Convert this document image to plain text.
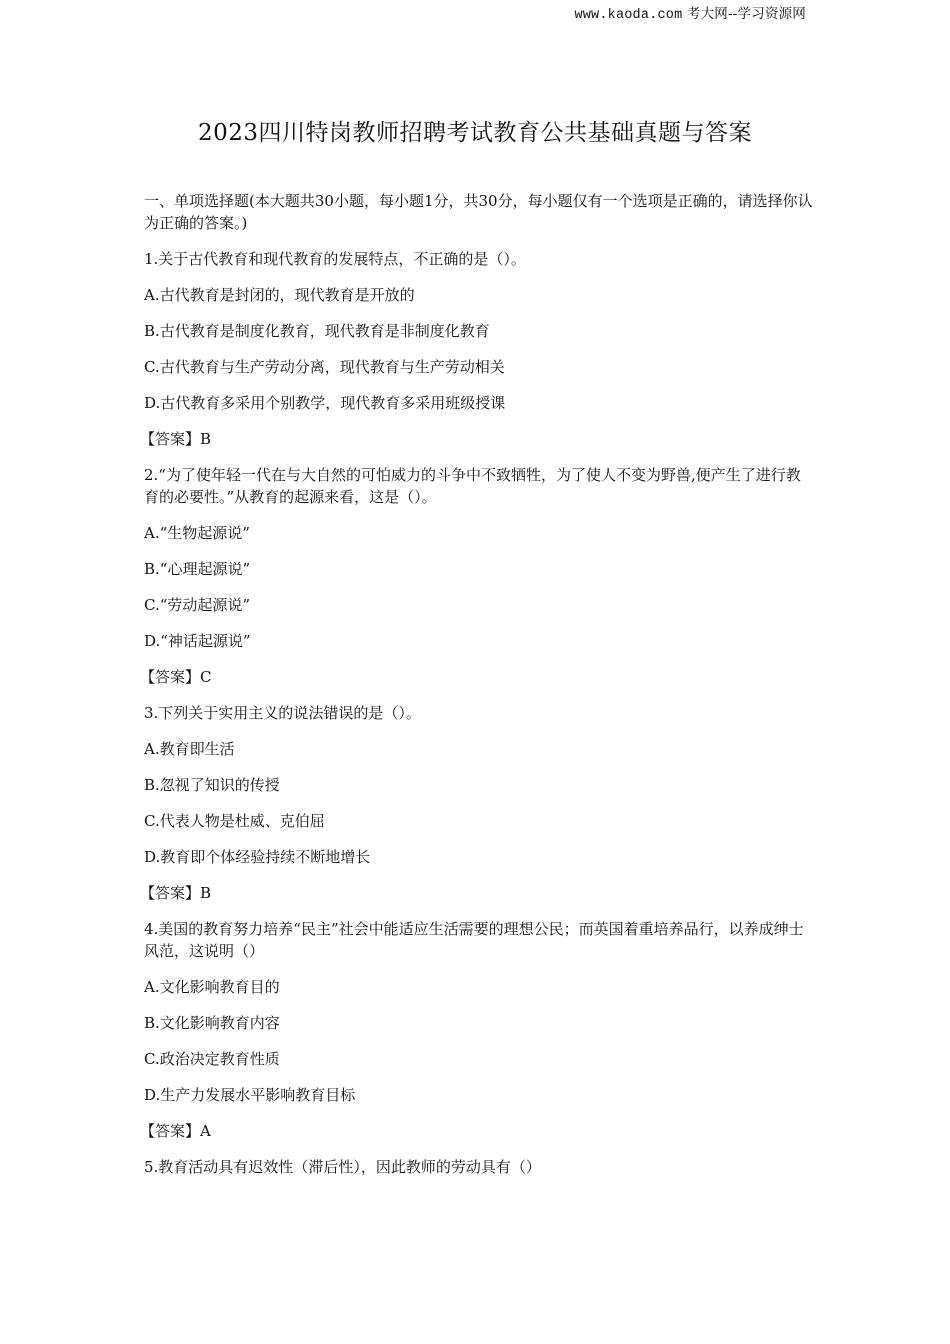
www.kaoda.com 考大网--学习资源网
2023四川特岗教师招聘考试教育公共基础真题与答案
一、单项选择题(本大题共30小题，每小题1分，共30分，每小题仅有一个选项是正确的，请选择你认为正确的答案。)
1.关于古代教育和现代教育的发展特点，不正确的是（）。
A.古代教育是封闭的，现代教育是开放的
B.古代教育是制度化教育，现代教育是非制度化教育
C.古代教育与生产劳动分离，现代教育与生产劳动相关
D.古代教育多采用个别教学，现代教育多采用班级授课
【答案】B
2.“为了使年轻一代在与大自然的可怕威力的斗争中不致牺牲，为了使人不变为野兽,便产生了进行教育的必要性。”从教育的起源来看，这是（）。
A.“生物起源说”
B.“心理起源说”
C.“劳动起源说”
D.“神话起源说”
【答案】C
3.下列关于实用主义的说法错误的是（）。
A.教育即生活
B.忽视了知识的传授
C.代表人物是杜威、克伯屈
D.教育即个体经验持续不断地增长
【答案】B
4.美国的教育努力培养“民主”社会中能适应生活需要的理想公民；而英国着重培养品行，以养成绅士风范，这说明（）
A.文化影响教育目的
B.文化影响教育内容
C.政治决定教育性质
D.生产力发展水平影响教育目标
【答案】A
5.教育活动具有迟效性（滞后性），因此教师的劳动具有（）
